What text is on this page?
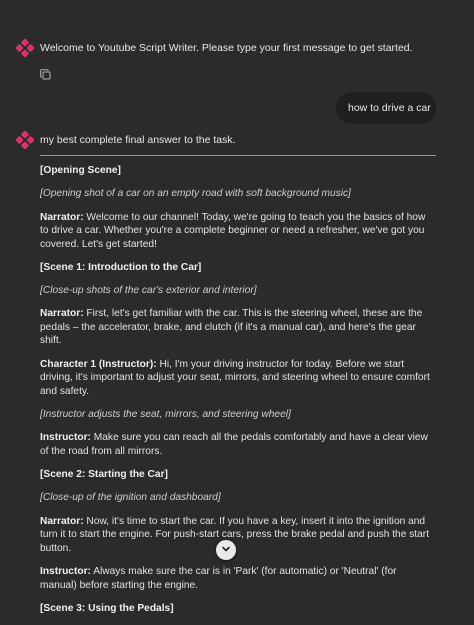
Welcome to Youtube Script Writer. Please type your first message to get started.
how to drive a car
my best complete final answer to the task.

[Opening Scene]

[Opening shot of a car on an empty road with soft background music]

Narrator: Welcome to our channel! Today, we're going to teach you the basics of how to drive a car. Whether you're a complete beginner or need a refresher, we've got you covered. Let's get started!

[Scene 1: Introduction to the Car]

[Close-up shots of the car's exterior and interior]

Narrator: First, let's get familiar with the car. This is the steering wheel, these are the pedals – the accelerator, brake, and clutch (if it's a manual car), and here's the gear shift.

Character 1 (Instructor): Hi, I'm your driving instructor for today. Before we start driving, it's important to adjust your seat, mirrors, and steering wheel to ensure comfort and safety.

[Instructor adjusts the seat, mirrors, and steering wheel]

Instructor: Make sure you can reach all the pedals comfortably and have a clear view of the road from all mirrors.

[Scene 2: Starting the Car]

[Close-up of the ignition and dashboard]

Narrator: Now, it's time to start the car. If you have a key, insert it into the ignition and turn it to start the engine. For push-start cars, press the brake pedal and push the start button.

Instructor: Always make sure the car is in 'Park' (for automatic) or 'Neutral' (for manual) before starting the engine.

[Scene 3: Using the Pedals]
